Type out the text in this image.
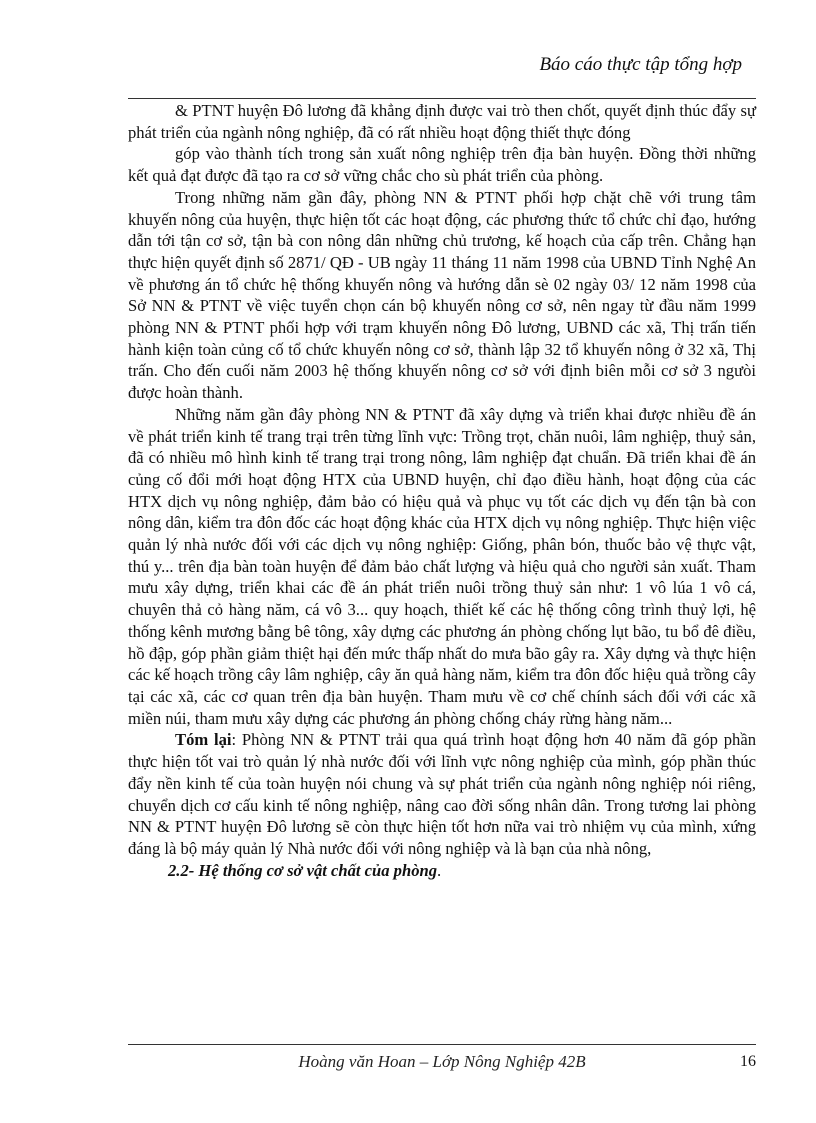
Báo cáo thực tập tổng hợp

& PTNT huyện Đô lương đã khẳng định được vai trò then chốt, quyết định thúc đẩy sự phát triển của ngành nông nghiệp, đã có rất nhiều hoạt động thiết thực đóng

góp vào thành tích trong sản xuất nông nghiệp trên địa bàn huyện. Đồng thời những kết quả đạt được đã tạo ra cơ sở vững chắc cho sù phát triển của phòng.

Trong những năm gần đây, phòng NN & PTNT phối hợp chặt chẽ với trung tâm khuyến nông của huyện, thực hiện tốt các hoạt động, các phương thức tổ chức chỉ đạo, hướng dẫn tới tận cơ sở, tận bà con nông dân những chủ trương, kế hoạch của cấp trên. Chẳng hạn thực hiện quyết định số 2871/ QĐ - UB ngày 11 tháng 11 năm 1998 của UBND Tỉnh Nghệ An về phương án tổ chức hệ thống khuyến nông và hướng dẫn sè 02 ngày 03/ 12 năm 1998 của Sở NN & PTNT về việc tuyển chọn cán bộ khuyến nông cơ sở, nên ngay từ đầu năm 1999 phòng NN & PTNT phối hợp với trạm khuyến nông Đô lương, UBND các xã, Thị trấn tiến hành kiện toàn củng cố tổ chức khuyến nông cơ sở, thành lập 32 tổ khuyến nông ở 32 xã, Thị trấn. Cho đến cuối năm 2003 hệ thống khuyến nông cơ sở với định biên mỗi cơ sở 3 ngưòi được hoàn thành.

Những năm gần đây phòng NN & PTNT đã xây dựng và triển khai được nhiều đề án về phát triển kinh tế trang trại trên từng lĩnh vực: Trồng trọt, chăn nuôi, lâm nghiệp, thuỷ sản, đã có nhiều mô hình kinh tế trang trại trong nông, lâm nghiệp đạt chuẩn. Đã triển khai đề án củng cố đổi mới hoạt động HTX của UBND huyện, chỉ đạo điều hành, hoạt động của các HTX dịch vụ nông nghiệp, đảm bảo có hiệu quả và phục vụ tốt các dịch vụ đến tận bà con nông dân, kiểm tra đôn đốc các hoạt động khác của HTX dịch vụ nông nghiệp. Thực hiện việc quản lý nhà nước đối với các dịch vụ nông nghiệp: Giống, phân bón, thuốc bảo vệ thực vật, thú y... trên địa bàn toàn huyện để đảm bảo chất lượng và hiệu quả cho người sản xuất. Tham mưu xây dựng, triển khai các đề án phát triển nuôi trồng thuỷ sản như: 1 vô lúa 1 vô cá, chuyên thả cỏ hàng năm, cá vô 3... quy hoạch, thiết kế các hệ thống công trình thuỷ lợi, hệ thống kênh mương bằng bê tông, xây dựng các phương án phòng chống lụt bão, tu bổ đê điều, hồ đập, góp phần giảm thiệt hại đến mức thấp nhất do mưa bão gây ra. Xây dựng và thực hiện các kế hoạch trồng cây lâm nghiệp, cây ăn quả hàng năm, kiểm tra đôn đốc hiệu quả trồng cây tại các xã, các cơ quan trên địa bàn huyện. Tham mưu về cơ chế chính sách đối với các xã miền núi, tham mưu xây dựng các phương án phòng chống cháy rừng hàng năm...

Tóm lại: Phòng NN & PTNT trải qua quá trình hoạt động hơn 40 năm đã góp phần thực hiện tốt vai trò quản lý nhà nước đối với lĩnh vực nông nghiệp của mình, góp phần thúc đẩy nền kinh tế của toàn huyện nói chung và sự phát triển của ngành nông nghiệp nói riêng, chuyển dịch cơ cấu kinh tế nông nghiệp, nâng cao đời sống nhân dân. Trong tương lai phòng NN & PTNT huyện Đô lương sẽ còn thực hiện tốt hơn nữa vai trò nhiệm vụ của mình, xứng đáng là bộ máy quản lý Nhà nước đối với nông nghiệp và là bạn của nhà nông,

2.2- Hệ thống cơ sở vật chất của phòng.

Hoàng văn Hoan – Lớp Nông Nghiệp 42B	16
